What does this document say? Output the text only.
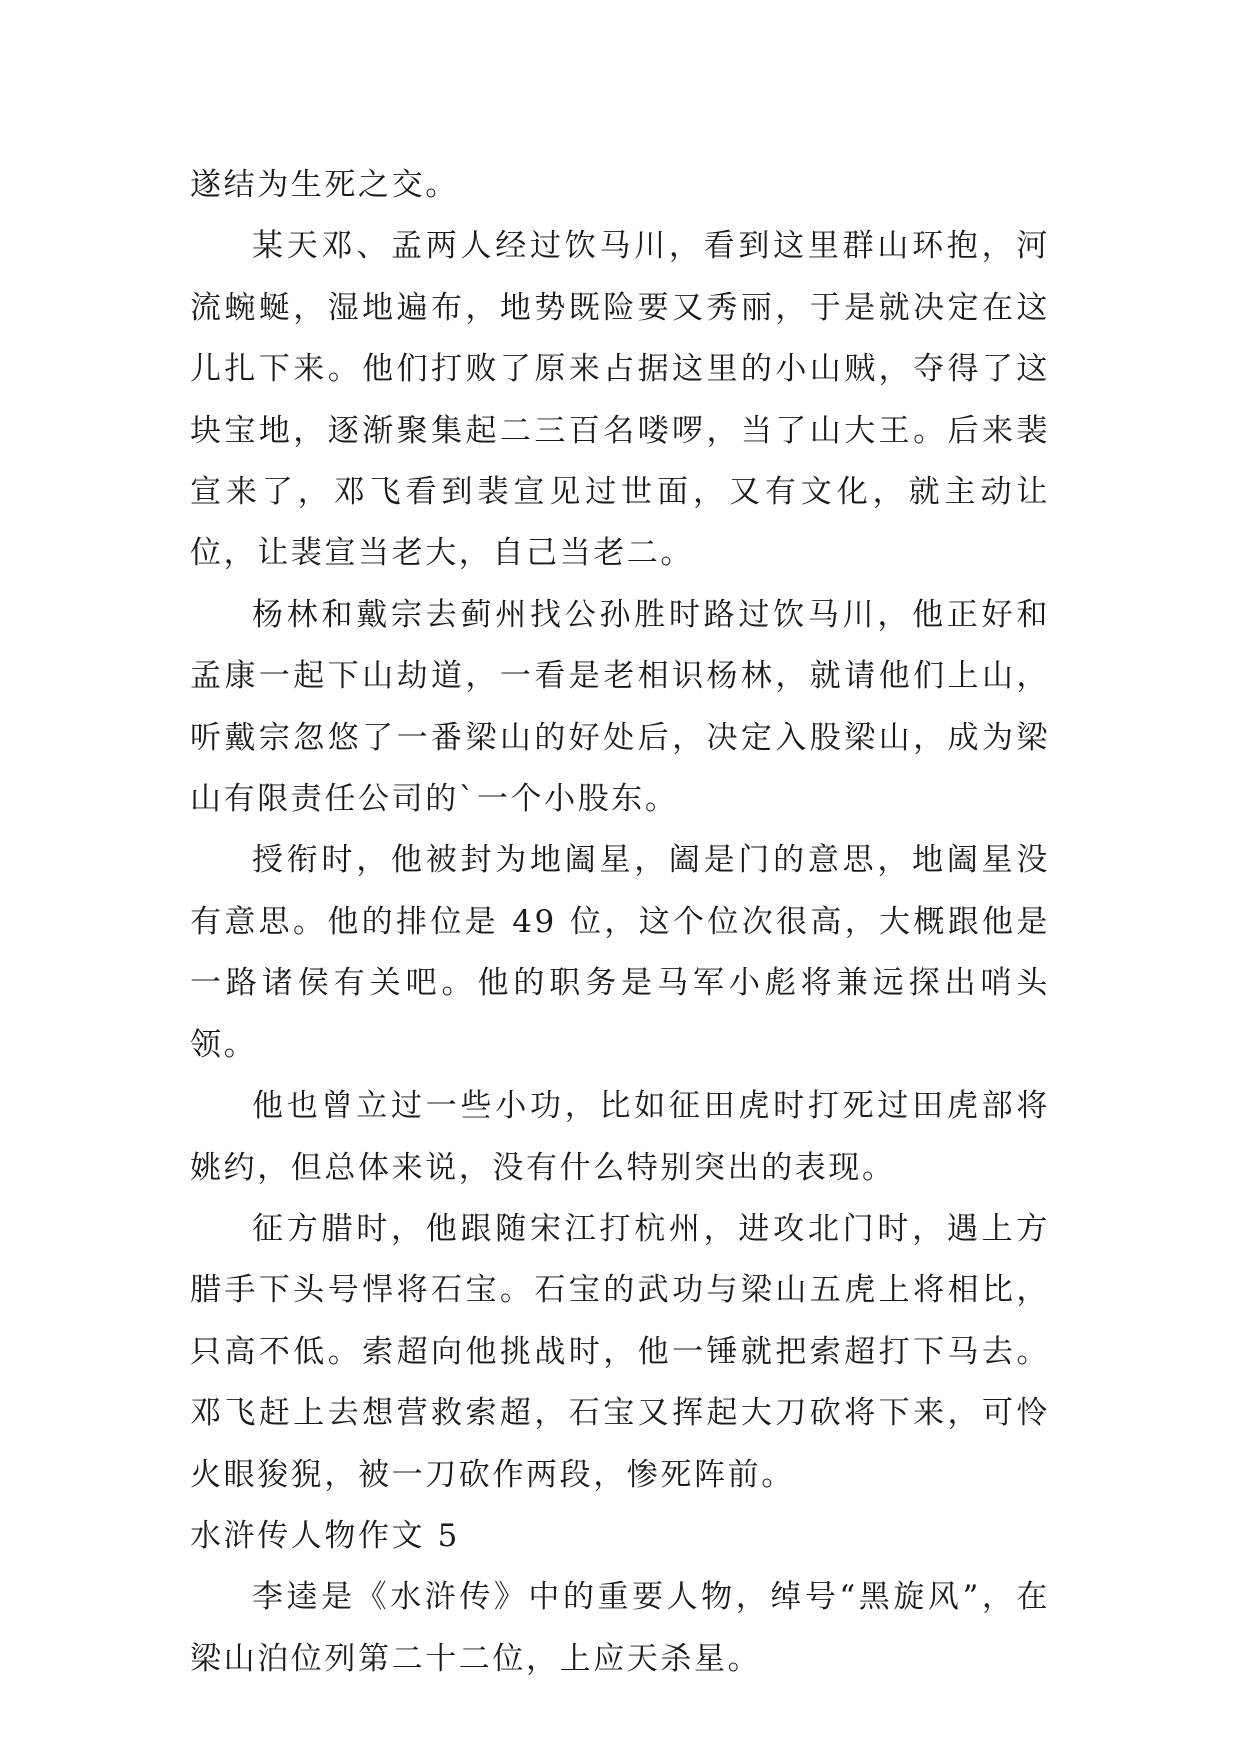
遂结为生死之交。

某天邓、孟两人经过饮马川，看到这里群山环抱，河流蜿蜒，湿地遍布，地势既险要又秀丽，于是就决定在这儿扎下来。他们打败了原来占据这里的小山贼，夺得了这块宝地，逐渐聚集起二三百名喽啰，当了山大王。后来裴宣来了，邓飞看到裴宣见过世面，又有文化，就主动让位，让裴宣当老大，自己当老二。

杨林和戴宗去蓟州找公孙胜时路过饮马川，他正好和孟康一起下山劫道，一看是老相识杨林，就请他们上山，听戴宗忽悠了一番梁山的好处后，决定入股梁山，成为梁山有限责任公司的`一个小股东。

授衔时，他被封为地阖星，阖是门的意思，地阖星没有意思。他的排位是 49 位，这个位次很高，大概跟他是一路诸侯有关吧。他的职务是马军小彪将兼远探出哨头领。

他也曾立过一些小功，比如征田虎时打死过田虎部将姚约，但总体来说，没有什么特别突出的表现。

征方腊时，他跟随宋江打杭州，进攻北门时，遇上方腊手下头号悍将石宝。石宝的武功与梁山五虎上将相比，只高不低。索超向他挑战时，他一锤就把索超打下马去。邓飞赶上去想营救索超，石宝又挥起大刀砍将下来，可怜火眼狻猊，被一刀砍作两段，惨死阵前。

水浒传人物作文 5

李逵是《水浒传》中的重要人物，绰号“黑旋风”，在梁山泊位列第二十二位，上应天杀星。
